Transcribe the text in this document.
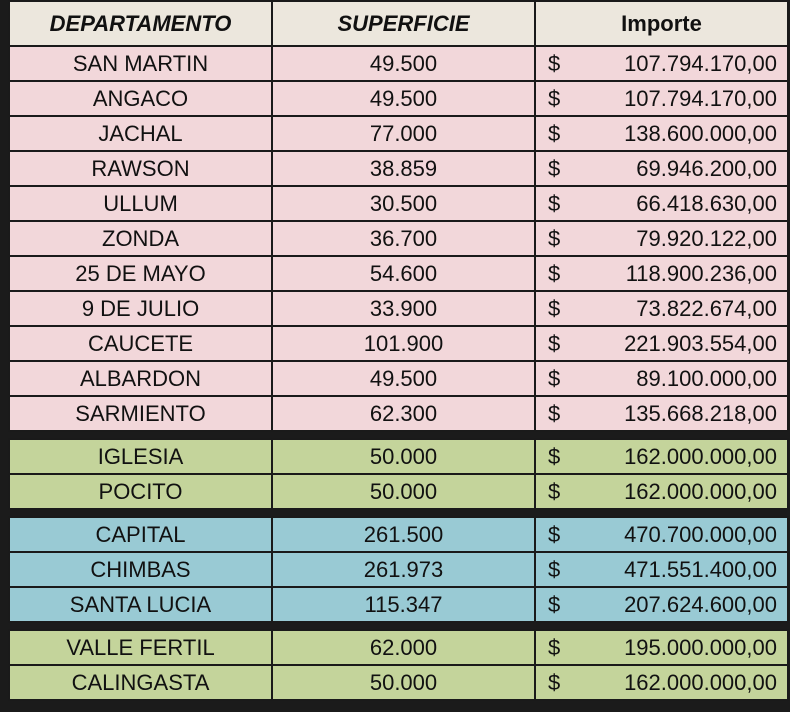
DEPARTAMENTO	SUPERFICIE	Importe
SAN MARTIN	49.500	$ 107.794.170,00
ANGACO	49.500	$ 107.794.170,00
JACHAL	77.000	$ 138.600.000,00
RAWSON	38.859	$ 69.946.200,00
ULLUM	30.500	$ 66.418.630,00
ZONDA	36.700	$ 79.920.122,00
25 DE MAYO	54.600	$ 118.900.236,00
9 DE JULIO	33.900	$ 73.822.674,00
CAUCETE	101.900	$ 221.903.554,00
ALBARDON	49.500	$ 89.100.000,00
SARMIENTO	62.300	$ 135.668.218,00

IGLESIA	50.000	$ 162.000.000,00
POCITO	50.000	$ 162.000.000,00

CAPITAL	261.500	$ 470.700.000,00
CHIMBAS	261.973	$ 471.551.400,00
SANTA LUCIA	115.347	$ 207.624.600,00

VALLE FERTIL	62.000	$ 195.000.000,00
CALINGASTA	50.000	$ 162.000.000,00
